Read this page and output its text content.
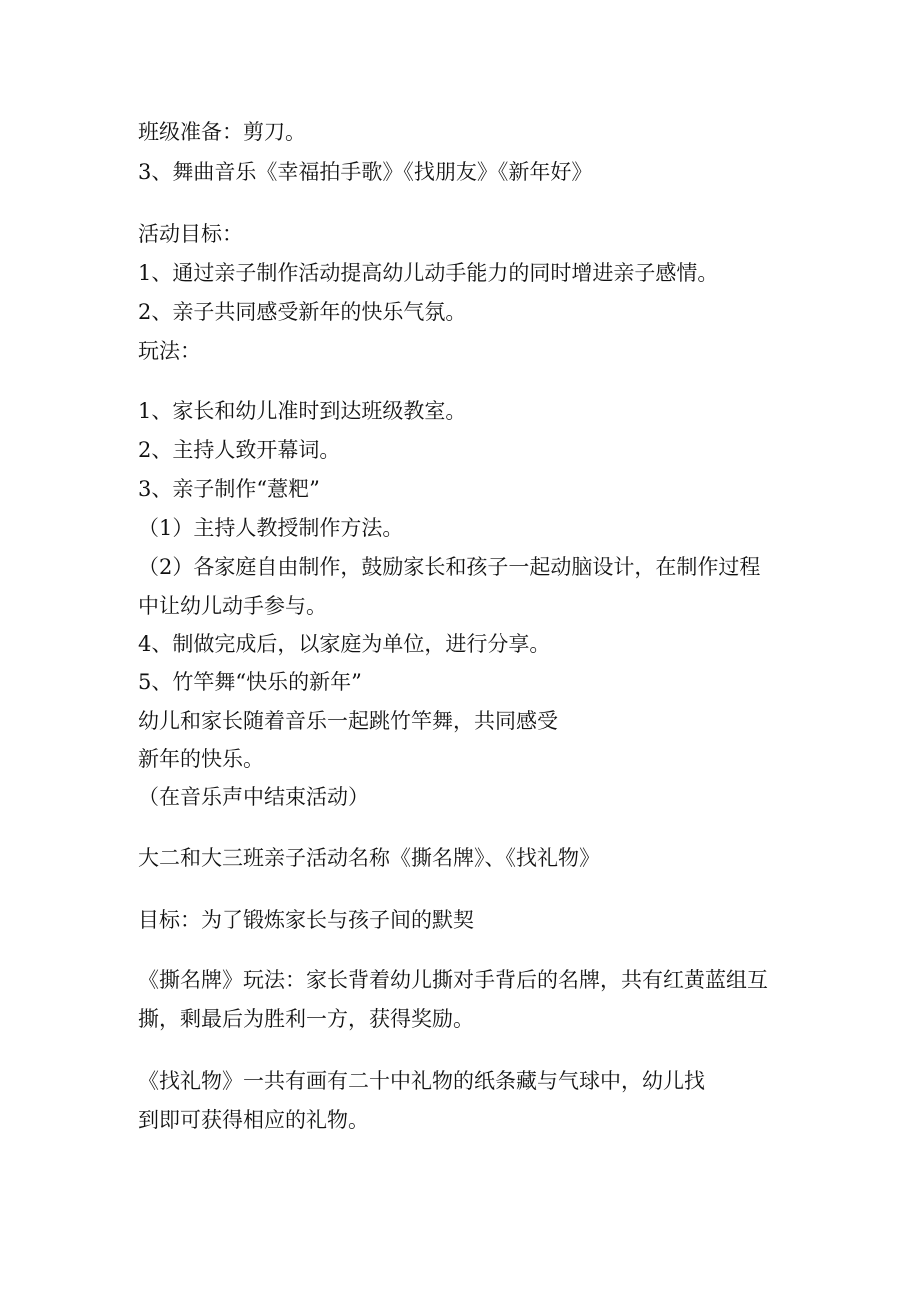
班级准备：剪刀。

3、舞曲音乐《幸福拍手歌》《找朋友》《新年好》

活动目标：

1、通过亲子制作活动提高幼儿动手能力的同时增进亲子感情。

2、亲子共同感受新年的快乐气氛。

玩法：

1、家长和幼儿准时到达班级教室。

2、主持人致开幕词。

3、亲子制作“薏粑”

（1）主持人教授制作方法。

（2）各家庭自由制作，鼓励家长和孩子一起动脑设计，在制作过程

中让幼儿动手参与。

4、制做完成后，以家庭为单位，进行分享。

5、竹竿舞“快乐的新年”

幼儿和家长随着音乐一起跳竹竿舞，共同感受

新年的快乐。

（在音乐声中结束活动）

大二和大三班亲子活动名称《撕名牌》、《找礼物》

目标：为了锻炼家长与孩子间的默契

《撕名牌》玩法：家长背着幼儿撕对手背后的名牌，共有红黄蓝组互

撕，剩最后为胜利一方，获得奖励。

《找礼物》一共有画有二十中礼物的纸条藏与气球中，幼儿找

到即可获得相应的礼物。
